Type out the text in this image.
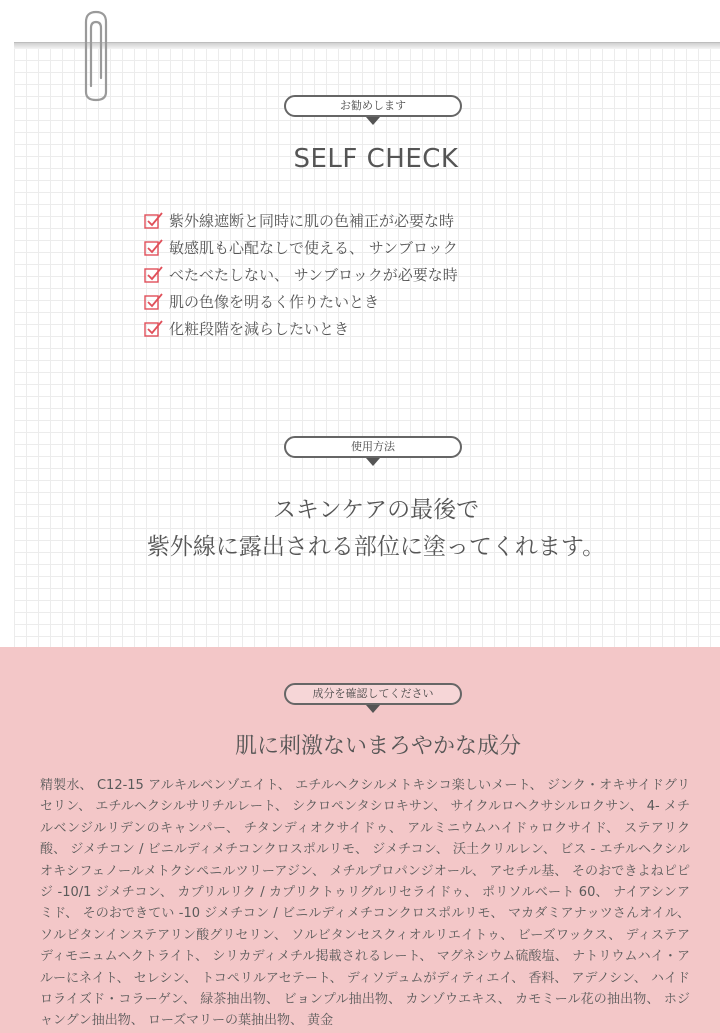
お勧めします
SELF CHECK
紫外線遮断と同時に肌の色補正が必要な時
敏感肌も心配なしで使える、 サンブロック
べたべたしない、 サンブロックが必要な時
肌の色像を明るく作りたいとき
化粧段階を減らしたいとき
使用方法
スキンケアの最後で
紫外線に露出される部位に塗ってくれます。
成分を確認してください
肌に刺激ないまろやかな成分

精製水、 C12-15 アルキルベンゾエイト、 エチルヘクシルメトキシコ楽しいメート、 ジンク・オキサイドグリセリン、 エチルヘクシルサリチルレート、 シクロペンタシロキサン、 サイクルロヘクサシルロクサン、 4- メチルベンジルリデンのキャンパー、 チタンディオクサイドゥ、 アルミニウムハイドゥロクサイド、 ステアリク酸、 ジメチコン / ビニルディメチコンクロスポルリモ、 ジメチコン、 沃土クリルレン、 ビス - エチルヘクシルオキシフェノールメトクシペニルツリーアジン、 メチルプロパンジオール、 アセチル基、 そのおできよねピピジ -10/1 ジメチコン、 カプリルリク / カプリクトゥリグルリセライドゥ、 ポリソルベート 60、 ナイアシンアミド、 そのおできてい -10 ジメチコン / ビニルディメチコンクロスポルリモ、 マカダミアナッツさんオイル、 ソルビタンインステアリン酸グリセリン、 ソルビタンセスクィオルリエイトゥ、 ビーズワックス、 ディステアディモニュムヘクトライト、 シリカディメチル掲載されるレート、 マグネシウム硫酸塩、 ナトリウムハイ・アルーにネイト、 セレシン、 トコペリルアセテート、 ディソデュムがディティエイ、 香料、 アデノシン、 ハイドロライズド・コラーゲン、 緑茶抽出物、 ビョンプル抽出物、 カンゾウエキス、 カモミール花の抽出物、 ホジャングン抽出物、 ローズマリーの葉抽出物、 黄金
